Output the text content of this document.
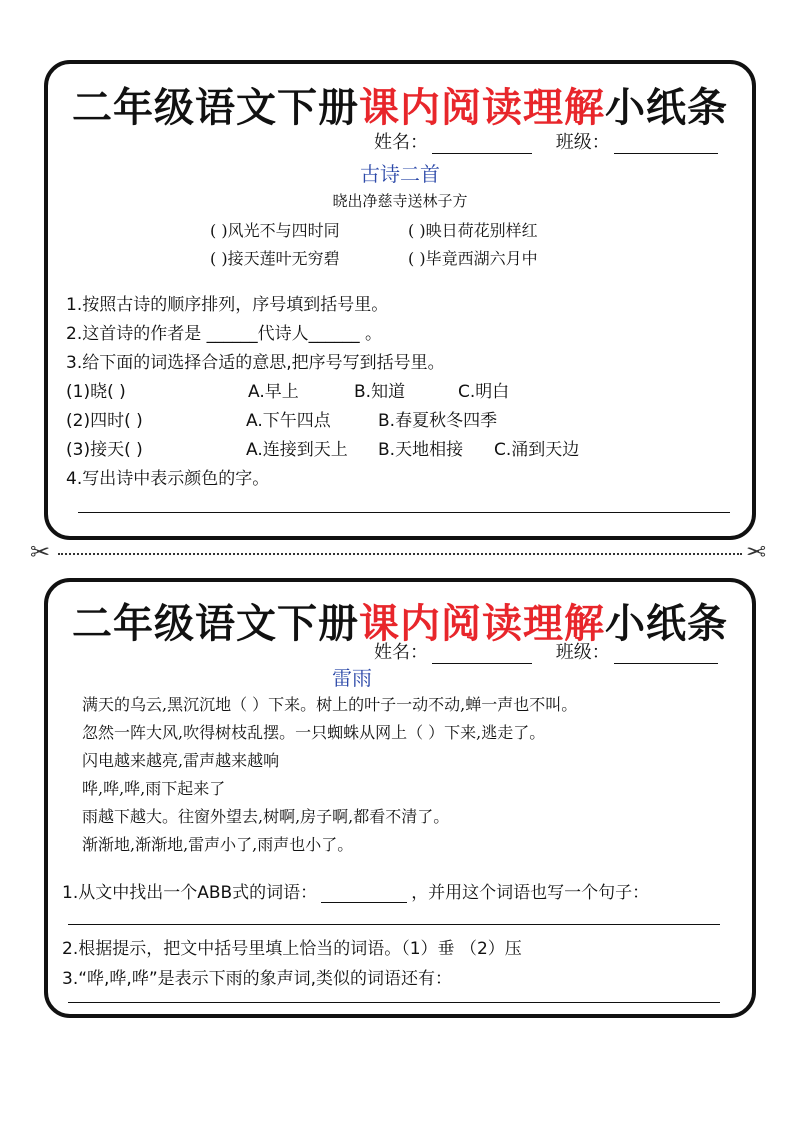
二年级语文下册课内阅读理解小纸条
姓名：	班级：
古诗二首
晓出净慈寺送林子方
( )风光不与四时同	( )映日荷花别样红
( )接天莲叶无穷碧	( )毕竟西湖六月中
1.按照古诗的顺序排列，序号填到括号里。
2.这首诗的作者是 ______代诗人______ 。
3.给下面的词选择合适的意思,把序号写到括号里。
(1)晓( )	A.早上	B.知道	C.明白
(2)四时( )	A.下午四点	B.春夏秋冬四季
(3)接天( )	A.连接到天上 B.天地相接 C.涌到天边
4.写出诗中表示颜色的字。
✂	✂
二年级语文下册课内阅读理解小纸条
姓名：	班级：
雷雨
满天的乌云,黑沉沉地（ ）下来。树上的叶子一动不动,蝉一声也不叫。
忽然一阵大风,吹得树枝乱摆。一只蜘蛛从网上（ ）下来,逃走了。
闪电越来越亮,雷声越来越响
哗,哗,哗,雨下起来了
雨越下越大。往窗外望去,树啊,房子啊,都看不清了。
渐渐地,渐渐地,雷声小了,雨声也小了。
1.从文中找出一个ABB式的词语：	，并用这个词语也写一个句子：
2.根据提示，把文中括号里填上恰当的词语。（1）垂 （2）压
3.“哗,哗,哗”是表示下雨的象声词,类似的词语还有：
